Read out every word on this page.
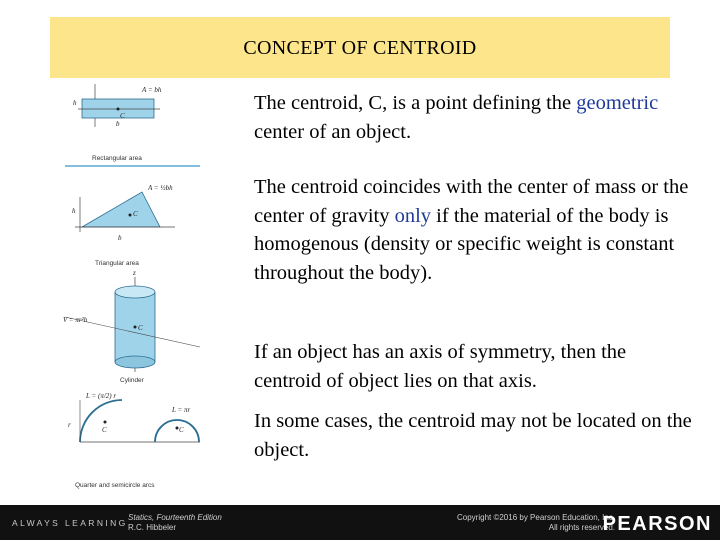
CONCEPT OF CENTROID
C
A = bh
h
b
Rectangular area
C
A = ½bh
h
b
Triangular area
C
V = πr²h
z
Cylinder
C
L = (π/2) r
C
L = πr
r
Quarter and semicircle arcs
The centroid, C, is a point defining the geometric center of an object.
The centroid coincides with the center of mass or the center of gravity only if the material of the body is homogenous (density or specific weight is constant throughout the body).
If an object has an axis of symmetry, then the centroid of object lies on that axis.
In some cases, the centroid may not be located on the object.
ALWAYS LEARNING
Statics, Fourteenth Edition
R.C. Hibbeler
Copyright ©2016 by Pearson Education, Inc.
All rights reserved.
PEARSON
